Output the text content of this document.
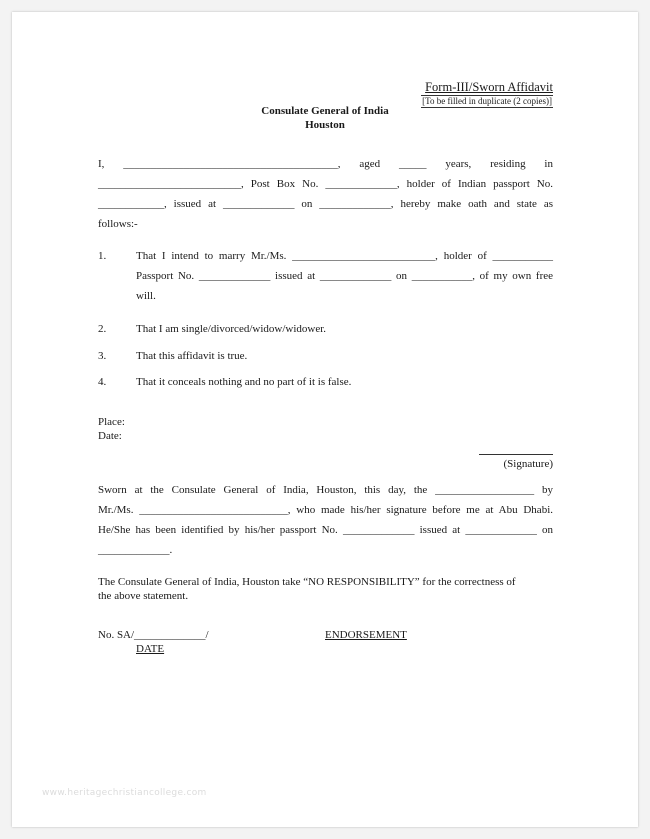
Form-III/Sworn Affidavit
[To be filled in duplicate (2 copies)]
Consulate General of India
Houston
I, _______________________________________, aged _____ years, residing in
__________________________, Post Box No. _____________, holder of Indian passport No.
____________, issued at _____________ on _____________, hereby make oath and state as
follows:-
1.	That I intend to marry Mr./Ms. __________________________, holder of ___________
Passport No. _____________ issued at _____________ on ___________, of my own free
will.
2.	That I am single/divorced/widow/widower.
3.	That this affidavit is true.
4.	That it conceals nothing and no part of it is false.
Place:
Date:
(Signature)
Sworn at the Consulate General of India, Houston, this day, the __________________ by
Mr./Ms. ___________________________, who made his/her signature before me at Abu Dhabi.
He/She has been identified by his/her passport No. _____________ issued at _____________ on
_____________.
The Consulate General of India, Houston take “NO RESPONSIBILITY” for the correctness of
the above statement.
No. SA/_____________/	ENDORSEMENT
DATE
www.heritagechristiancollege.com
